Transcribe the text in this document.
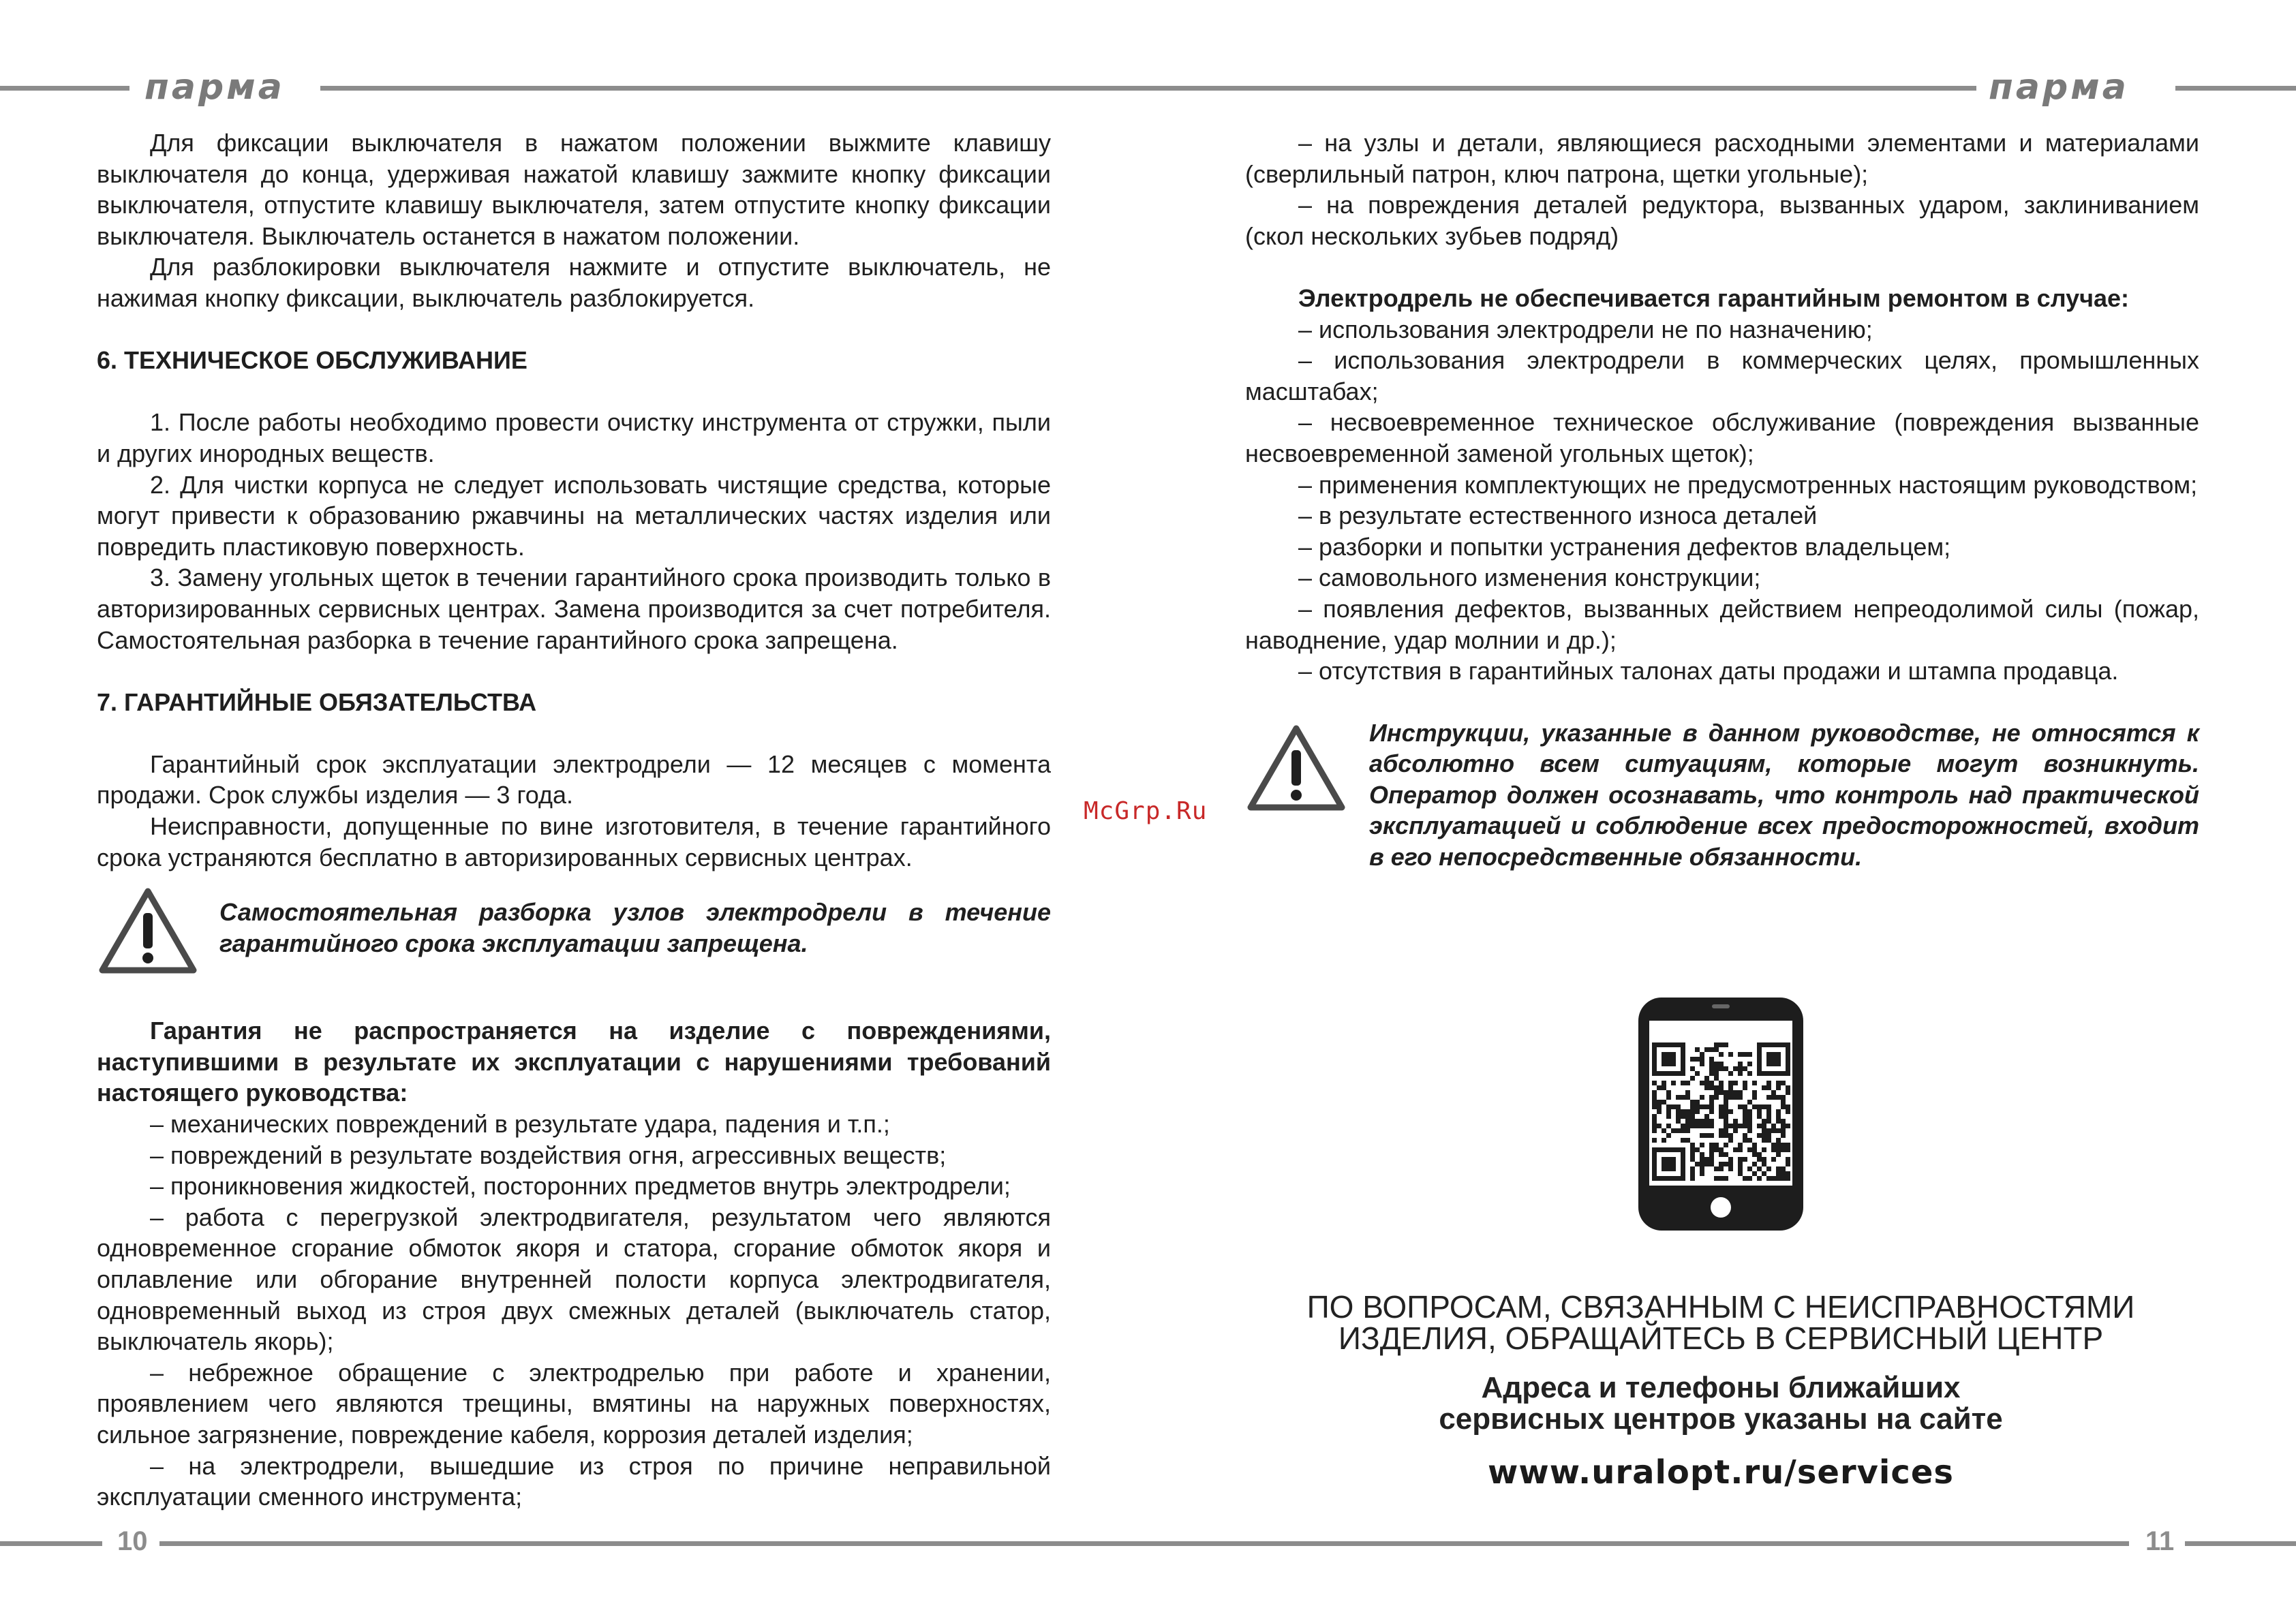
парма	парма
10	11

Для фиксации выключателя в нажатом положении выжмите клавишу выключателя до конца, удерживая нажатой клавишу зажмите кнопку фиксации выключателя, отпустите клавишу выключателя, затем отпустите кнопку фиксации выключателя. Выключатель останется в нажатом положении.

Для разблокировки выключателя нажмите и отпустите выключатель, не нажимая кнопку фиксации, выключатель разблокируется.

6. ТЕХНИЧЕСКОЕ ОБСЛУЖИВАНИЕ

1. После работы необходимо провести очистку инструмента от стружки, пыли и других инородных веществ.

2. Для чистки корпуса не следует использовать чистящие средства, которые могут привести к образованию ржавчины на металлических частях изделия или повредить пластиковую поверхность.

3. Замену угольных щеток в течении гарантийного срока производить только в авторизированных сервисных центрах. Замена производится за счет потребителя. Самостоятельная разборка в течение гарантийного срока запрещена.

7. ГАРАНТИЙНЫЕ ОБЯЗАТЕЛЬСТВА

Гарантийный срок эксплуатации электродрели — 12 месяцев с момента продажи. Срок службы изделия — 3 года.

Неисправности, допущенные по вине изготовителя, в течение гарантийного срока устраняются бесплатно в авторизированных сервисных центрах.

Самостоятельная разборка узлов электродрели в течение гарантийного срока эксплуатации запрещена.

Гарантия не распространяется на изделие с повреждениями, наступившими в результате их эксплуатации с нарушениями требований настоящего руководства:

– механических повреждений в результате удара, падения и т.п.;

– повреждений в результате воздействия огня, агрессивных веществ;

– проникновения жидкостей, посторонних предметов внутрь электродрели;

– работа с перегрузкой электродвигателя, результатом чего являются одновременное сгорание обмоток якоря и статора, сгорание обмоток якоря и оплавление или обгорание внутренней полости корпуса электродвигателя, одновременный выход из строя двух смежных деталей (выключатель статор, выключатель якорь);

– небрежное обращение с электродрелью при работе и хранении, проявлением чего являются трещины, вмятины на наружных поверхностях, сильное загрязнение, повреждение кабеля, коррозия деталей изделия;

– на электродрели, вышедшие из строя по причине неправильной эксплуатации сменного инструмента;

McGrp.Ru

– на узлы и детали, являющиеся расходными элементами и материалами (сверлильный патрон, ключ патрона, щетки угольные);

– на повреждения деталей редуктора, вызванных ударом, заклиниванием (скол нескольких зубьев подряд)

Электродрель не обеспечивается гарантийным ремонтом в случае:

– использования электродрели не по назначению;

– использования электродрели в коммерческих целях, промышленных масштабах;

– несвоевременное техническое обслуживание (повреждения вызванные несвоевременной заменой угольных щеток);

– применения комплектующих не предусмотренных настоящим руководством;

– в результате естественного износа деталей

– разборки и попытки устранения дефектов владельцем;

– самовольного изменения конструкции;

– появления дефектов, вызванных действием непреодолимой силы (пожар, наводнение, удар молнии и др.);

– отсутствия в гарантийных талонах даты продажи и штампа продавца.

Инструкции, указанные в данном руководстве, не относятся к абсолютно всем ситуациям, которые могут возникнуть. Оператор должен осознавать, что контроль над практической эксплуатацией и соблюдение всех предосторожностей, входит в его непосредственные обязанности.

ПО ВОПРОСАМ, СВЯЗАННЫМ С НЕИСПРАВНОСТЯМИ
ИЗДЕЛИЯ, ОБРАЩАЙТЕСЬ В СЕРВИСНЫЙ ЦЕНТР
Адреса и телефоны ближайших
сервисных центров указаны на сайте
www.uralopt.ru/services
